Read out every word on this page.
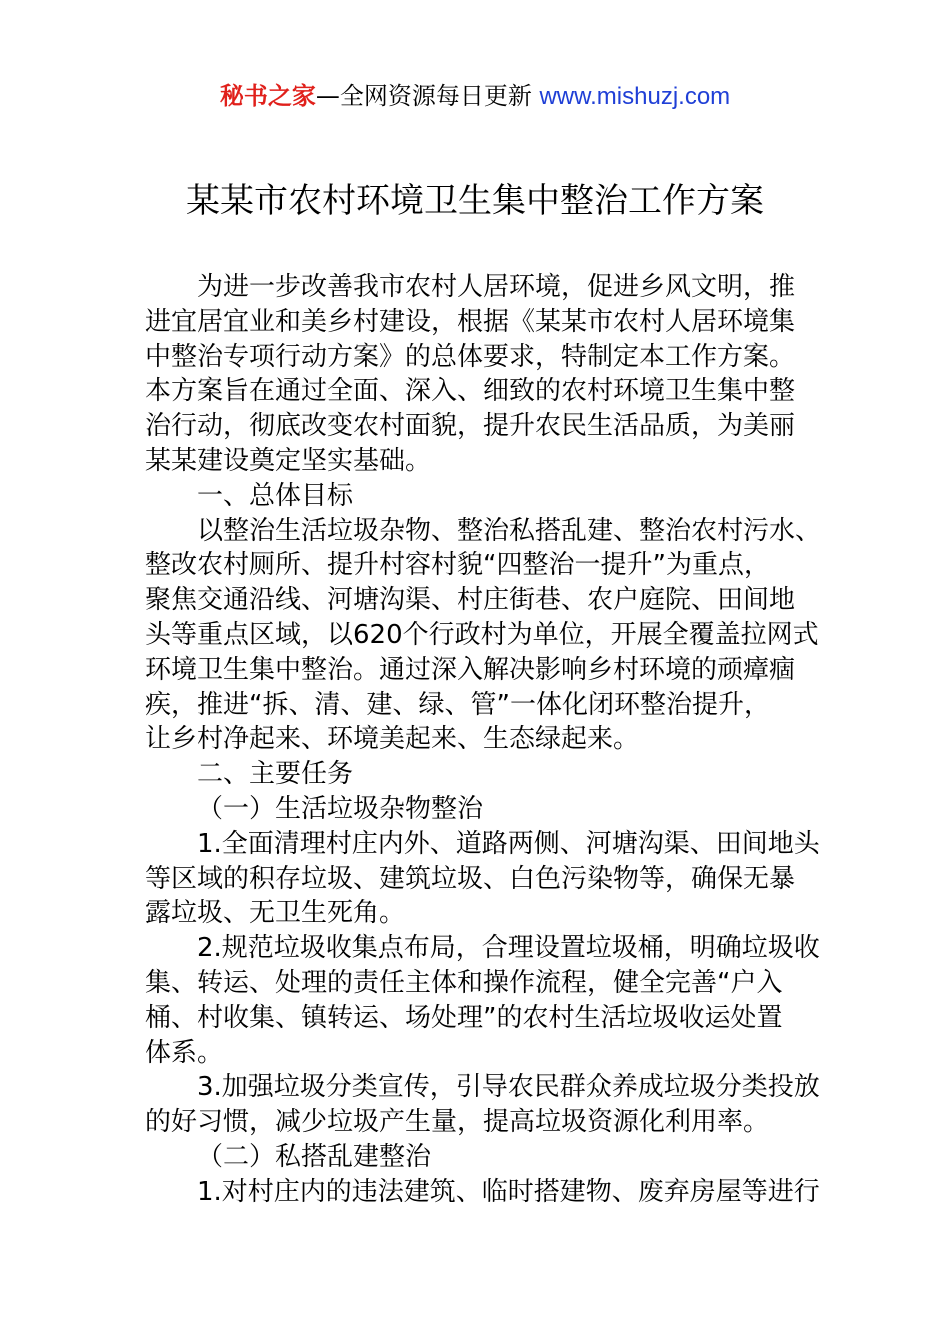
秘书之家—全网资源每日更新 www.mishuzj.com
某某市农村环境卫生集中整治工作方案
为进一步改善我市农村人居环境，促进乡风文明，推
进宜居宜业和美乡村建设，根据《某某市农村人居环境集
中整治专项行动方案》的总体要求，特制定本工作方案。
本方案旨在通过全面、深入、细致的农村环境卫生集中整
治行动，彻底改变农村面貌，提升农民生活品质，为美丽
某某建设奠定坚实基础。
一、总体目标
以整治生活垃圾杂物、整治私搭乱建、整治农村污水、
整改农村厕所、提升村容村貌“四整治一提升”为重点，
聚焦交通沿线、河塘沟渠、村庄街巷、农户庭院、田间地
头等重点区域，以620个行政村为单位，开展全覆盖拉网式
环境卫生集中整治。通过深入解决影响乡村环境的顽瘴痼
疾，推进“拆、清、建、绿、管”一体化闭环整治提升，
让乡村净起来、环境美起来、生态绿起来。
二、主要任务
（一）生活垃圾杂物整治
1.全面清理村庄内外、道路两侧、河塘沟渠、田间地头
等区域的积存垃圾、建筑垃圾、白色污染物等，确保无暴
露垃圾、无卫生死角。
2.规范垃圾收集点布局，合理设置垃圾桶，明确垃圾收
集、转运、处理的责任主体和操作流程，健全完善“户入
桶、村收集、镇转运、场处理”的农村生活垃圾收运处置
体系。
3.加强垃圾分类宣传，引导农民群众养成垃圾分类投放
的好习惯，减少垃圾产生量，提高垃圾资源化利用率。
（二）私搭乱建整治
1.对村庄内的违法建筑、临时搭建物、废弃房屋等进行
